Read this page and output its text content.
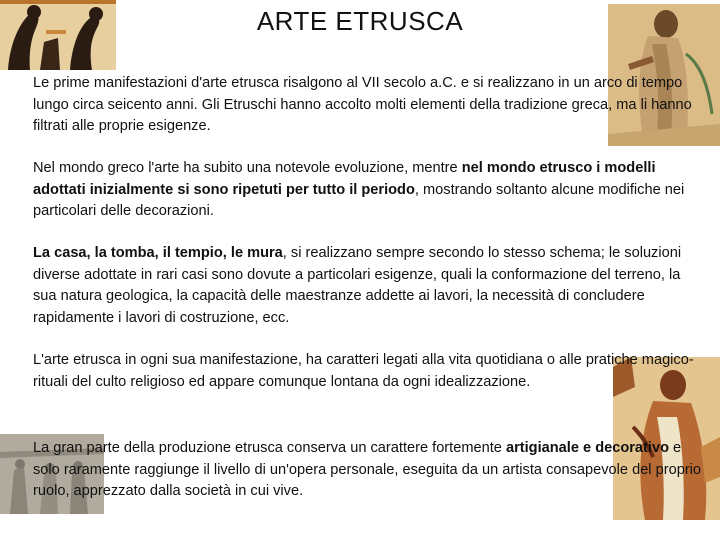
ARTE ETRUSCA

Le prime manifestazioni d'arte etrusca risalgono al VII secolo a.C. e si realizzano in un arco di tempo lungo circa seicento anni. Gli Etruschi hanno accolto molti elementi della tradizione greca, ma li hanno filtrati alle proprie esigenze.

Nel mondo greco l'arte ha subito una notevole evoluzione, mentre nel mondo etrusco i modelli adottati inizialmente si sono ripetuti per tutto il periodo, mostrando soltanto alcune modifiche nei particolari delle decorazioni.

La casa, la tomba, il tempio, le mura, si realizzano sempre secondo lo stesso schema; le soluzioni diverse adottate in rari casi sono dovute a particolari esigenze, quali la conformazione del terreno, la sua natura geologica, la capacità delle maestranze addette ai lavori, la necessità di concludere rapidamente i lavori di costruzione, ecc.

L'arte etrusca in ogni sua manifestazione, ha caratteri legati alla vita quotidiana o alle pratiche magico-rituali del culto religioso ed appare comunque lontana da ogni idealizzazione.

La gran parte della produzione etrusca conserva un carattere fortemente artigianale e decorativo e solo raramente raggiunge il livello di un'opera personale, eseguita da un artista consapevole del proprio ruolo, apprezzato dalla società in cui vive.
